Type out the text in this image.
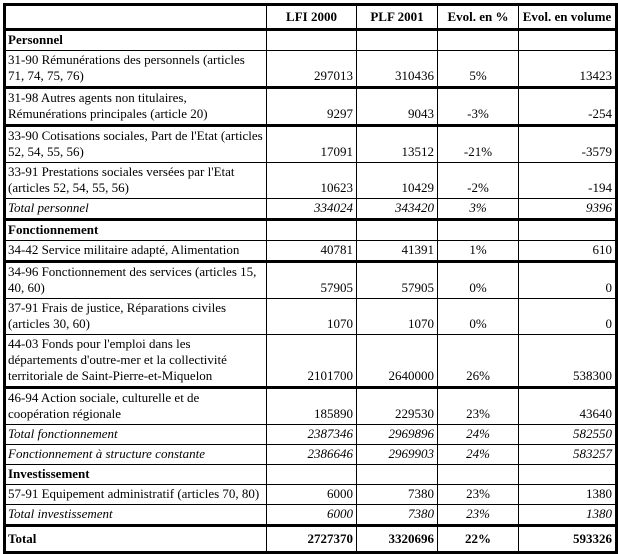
	LFI 2000	PLF 2001	Evol. en %	Evol. en volume
Personnel				
31-90 Rémunérations des personnels (articles 71, 74, 75, 76)	297013	310436	5%	13423
31-98 Autres agents non titulaires, Rémunérations principales (article 20)	9297	9043	-3%	-254
33-90 Cotisations sociales, Part de l'Etat (articles 52, 54, 55, 56)	17091	13512	-21%	-3579
33-91 Prestations sociales versées par l'Etat (articles 52, 54, 55, 56)	10623	10429	-2%	-194
Total personnel	334024	343420	3%	9396
Fonctionnement				
34-42 Service militaire adapté, Alimentation	40781	41391	1%	610
34-96 Fonctionnement des services (articles 15, 40, 60)	57905	57905	0%	0
37-91 Frais de justice, Réparations civiles (articles 30, 60)	1070	1070	0%	0
44-03 Fonds pour l'emploi dans les départements d'outre-mer et la collectivité territoriale de Saint-Pierre-et-Miquelon	2101700	2640000	26%	538300
46-94 Action sociale, culturelle et de coopération régionale	185890	229530	23%	43640
Total fonctionnement	2387346	2969896	24%	582550
Fonctionnement à structure constante	2386646	2969903	24%	583257
Investissement				
57-91 Equipement administratif (articles 70, 80)	6000	7380	23%	1380
Total investissement	6000	7380	23%	1380
Total	2727370	3320696	22%	593326
